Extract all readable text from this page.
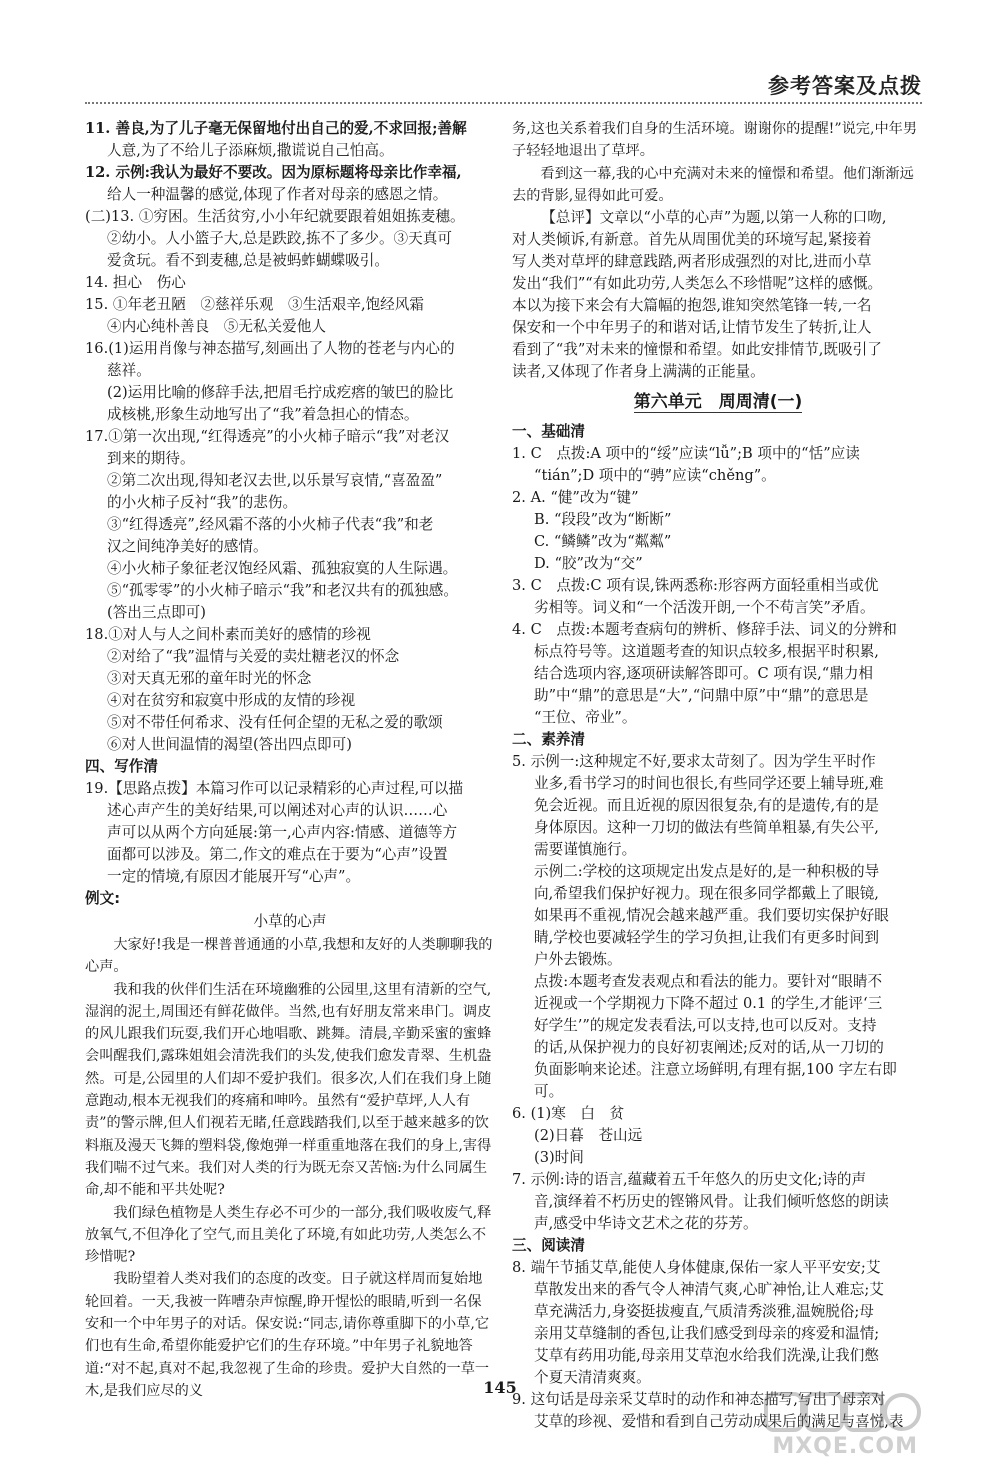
参考答案及点拨

11. 善良,为了儿子毫无保留地付出自己的爱,不求回报;善解

人意,为了不给儿子添麻烦,撒谎说自己怕高。

12. 示例:我认为最好不要改。因为原标题将母亲比作幸福,

给人一种温馨的感觉,体现了作者对母亲的感恩之情。

(二)13. ①穷困。生活贫穷,小小年纪就要跟着姐姐拣麦穗。

②幼小。人小篮子大,总是跌跤,拣不了多少。③天真可

爱贪玩。看不到麦穗,总是被蚂蚱蝴蝶吸引。

14. 担心　伤心

15. ①年老丑陋　②慈祥乐观　③生活艰辛,饱经风霜

④内心纯朴善良　⑤无私关爱他人

16.(1)运用肖像与神态描写,刻画出了人物的苍老与内心的

慈祥。

(2)运用比喻的修辞手法,把眉毛拧成疙瘩的皱巴的脸比

成核桃,形象生动地写出了“我”着急担心的情态。

17.①第一次出现,“红得透亮”的小火柿子暗示“我”对老汉

到来的期待。

②第二次出现,得知老汉去世,以乐景写哀情,“喜盈盈”

的小火柿子反衬“我”的悲伤。

③“红得透亮”,经风霜不落的小火柿子代表“我”和老

汉之间纯净美好的感情。

④小火柿子象征老汉饱经风霜、孤独寂寞的人生际遇。

⑤“孤零零”的小火柿子暗示“我”和老汉共有的孤独感。

(答出三点即可)

18.①对人与人之间朴素而美好的感情的珍视

②对给了“我”温情与关爱的卖灶糖老汉的怀念

③对天真无邪的童年时光的怀念

④对在贫穷和寂寞中形成的友情的珍视

⑤对不带任何希求、没有任何企望的无私之爱的歌颂

⑥对人世间温情的渴望(答出四点即可)

四、写作清

19.【思路点拨】本篇习作可以记录精彩的心声过程,可以描

述心声产生的美好结果,可以阐述对心声的认识……心

声可以从两个方向延展:第一,心声内容:情感、道德等方

面都可以涉及。第二,作文的难点在于要为“心声”设置

一定的情境,有原因才能展开写“心声”。

例文:

小草的心声

大家好!我是一棵普普通通的小草,我想和友好的人类聊聊我的心声。

我和我的伙伴们生活在环境幽雅的公园里,这里有清新的空气,湿润的泥土,周围还有鲜花做伴。当然,也有好朋友常来串门。调皮的风儿跟我们玩耍,我们开心地唱歌、跳舞。清晨,辛勤采蜜的蜜蜂会叫醒我们,露珠姐姐会清洗我们的头发,使我们愈发青翠、生机盎然。可是,公园里的人们却不爱护我们。很多次,人们在我们身上随意跑动,根本无视我们的疼痛和呻吟。虽然有“爱护草坪,人人有责”的警示牌,但人们视若无睹,任意践踏我们,以至于越来越多的饮料瓶及漫天飞舞的塑料袋,像炮弹一样重重地落在我们的身上,害得我们喘不过气来。我们对人类的行为既无奈又苦恼:为什么同属生命,却不能和平共处呢?

我们绿色植物是人类生存必不可少的一部分,我们吸收废气,释放氧气,不但净化了空气,而且美化了环境,有如此功劳,人类怎么不珍惜呢?

我盼望着人类对我们的态度的改变。日子就这样周而复始地轮回着。一天,我被一阵嘈杂声惊醒,睁开惺忪的眼睛,听到一名保安和一个中年男子的对话。保安说:“同志,请你尊重脚下的小草,它们也有生命,希望你能爱护它们的生存环境。”中年男子礼貌地答道:“对不起,真对不起,我忽视了生命的珍贵。爱护大自然的一草一木,是我们应尽的义

务,这也关系着我们自身的生活环境。谢谢你的提醒!”说完,中年男子轻轻地退出了草坪。

看到这一幕,我的心中充满对未来的憧憬和希望。他们渐渐远去的背影,显得如此可爱。

【总评】文章以“小草的心声”为题,以第一人称的口吻,

对人类倾诉,有新意。首先从周围优美的环境写起,紧接着

写人类对草坪的肆意践踏,两者形成强烈的对比,进而小草

发出“我们”“有如此功劳,人类怎么不珍惜呢”这样的感慨。

本以为接下来会有大篇幅的抱怨,谁知突然笔锋一转,一名

保安和一个中年男子的和谐对话,让情节发生了转折,让人

看到了“我”对未来的憧憬和希望。如此安排情节,既吸引了

读者,又体现了作者身上满满的正能量。

第六单元　周周清(一)

一、基础清

1. C　点拨:A 项中的“绥”应读“lǚ”;B 项中的“恬”应读

“tián”;D 项中的“骋”应读“chěng”。

2. A. “健”改为“键”

B. “段段”改为“断断”

C. “鳞鳞”改为“粼粼”

D. “胶”改为“交”

3. C　点拨:C 项有误,铢两悉称:形容两方面轻重相当或优

劣相等。词义和“一个活泼开朗,一个不苟言笑”矛盾。

4. C　点拨:本题考查病句的辨析、修辞手法、词义的分辨和

标点符号等。这道题考查的知识点较多,根据平时积累,

结合选项内容,逐项研读解答即可。C 项有误,“鼎力相

助”中“鼎”的意思是“大”,“问鼎中原”中“鼎”的意思是

“王位、帝业”。

二、素养清

5. 示例一:这种规定不好,要求太苛刻了。因为学生平时作

业多,看书学习的时间也很长,有些同学还要上辅导班,难

免会近视。而且近视的原因很复杂,有的是遗传,有的是

身体原因。这种一刀切的做法有些简单粗暴,有失公平,

需要谨慎施行。

示例二:学校的这项规定出发点是好的,是一种积极的导

向,希望我们保护好视力。现在很多同学都戴上了眼镜,

如果再不重视,情况会越来越严重。我们要切实保护好眼

睛,学校也要减轻学生的学习负担,让我们有更多时间到

户外去锻炼。

点拨:本题考查发表观点和看法的能力。要针对“眼睛不

近视或一个学期视力下降不超过 0.1 的学生,才能评‘三

好学生’”的规定发表看法,可以支持,也可以反对。支持

的话,从保护视力的良好初衷阐述;反对的话,从一刀切的

负面影响来论述。注意立场鲜明,有理有据,100 字左右即可。

6. (1)寒　白　贫

(2)日暮　苍山远

(3)时间

7. 示例:诗的语言,蕴藏着五千年悠久的历史文化;诗的声

音,演绎着不朽历史的铿锵风骨。让我们倾听悠悠的朗读

声,感受中华诗文艺术之花的芬芳。

三、阅读清

8. 端午节插艾草,能使人身体健康,保佑一家人平平安安;艾

草散发出来的香气令人神清气爽,心旷神怡,让人难忘;艾

草充满活力,身姿挺拔瘦直,气质清秀淡雅,温婉脱俗;母

亲用艾草缝制的香包,让我们感受到母亲的疼爱和温情;

艾草有药用功能,母亲用艾草泡水给我们洗澡,让我们憋

个夏天清清爽爽。

9. 这句话是母亲采艾草时的动作和神态描写,写出了母亲对

艾草的珍视、爱惜和看到自己劳动成果后的满足与喜悦,表

145
MXQE.COM
